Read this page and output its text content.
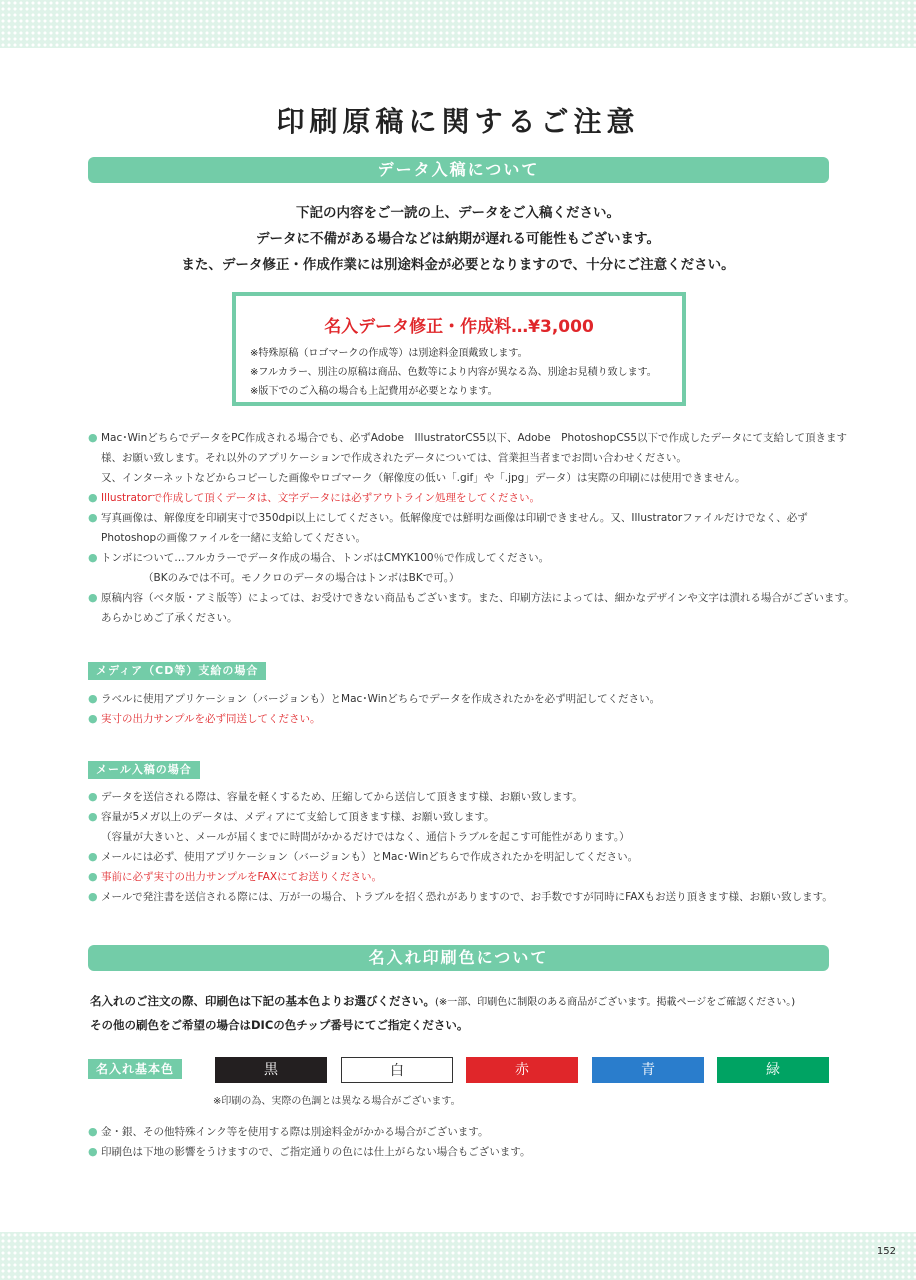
印刷原稿に関するご注意
データ入稿について

下記の内容をご一読の上、データをご入稿ください。

データに不備がある場合などは納期が遅れる可能性もございます。

また、データ修正・作成作業には別途料金が必要となりますので、十分にご注意ください。

名入データ修正・作成料…¥3,000

※特殊原稿（ロゴマークの作成等）は別途料金頂戴致します。

※フルカラー、別注の原稿は商品、色数等により内容が異なる為、別途お見積り致します。

※版下でのご入稿の場合も上記費用が必要となります。

● Mac･WinどちらでデータをPC作成される場合でも、必ずAdobe　IllustratorCS5以下、Adobe　PhotoshopCS5以下で作成したデータにて支給して頂きます
様、お願い致します。それ以外のアプリケーションで作成されたデータについては、営業担当者までお問い合わせください。
又、インターネットなどからコピーした画像やロゴマーク（解像度の低い「.gif」や「.jpg」データ）は実際の印刷には使用できません。
● Illustratorで作成して頂くデータは、文字データには必ずアウトライン処理をしてください。
● 写真画像は、解像度を印刷実寸で350dpi以上にしてください。低解像度では鮮明な画像は印刷できません。又、Illustratorファイルだけでなく、必ず
Photoshopの画像ファイルを一緒に支給してください。
● トンボについて…フルカラーでデータ作成の場合、トンボはCMYK100％で作成してください。
（BKのみでは不可。モノクロのデータの場合はトンボはBKで可。）
● 原稿内容（ベタ版・アミ版等）によっては、お受けできない商品もございます。また、印刷方法によっては、細かなデザインや文字は潰れる場合がございます。
あらかじめご了承ください。
メディア（CD等）支給の場合
● ラベルに使用アプリケーション（バージョンも）とMac･Winどちらでデータを作成されたかを必ず明記してください。
● 実寸の出力サンプルを必ず同送してください。
メール入稿の場合
● データを送信される際は、容量を軽くするため、圧縮してから送信して頂きます様、お願い致します。
● 容量が5メガ以上のデータは、メディアにて支給して頂きます様、お願い致します。
（容量が大きいと、メールが届くまでに時間がかかるだけではなく、通信トラブルを起こす可能性があります。）
● メールには必ず、使用アプリケーション（バージョンも）とMac･Winどちらで作成されたかを明記してください。
● 事前に必ず実寸の出力サンプルをFAXにてお送りください。
● メールで発注書を送信される際には、万が一の場合、トラブルを招く恐れがありますので、お手数ですが同時にFAXもお送り頂きます様、お願い致します。
名入れ印刷色について

名入れのご注文の際、印刷色は下記の基本色よりお選びください。(※一部、印刷色に制限のある商品がございます。掲載ページをご確認ください。)

その他の刷色をご希望の場合はDICの色チップ番号にてご指定ください。

名入れ基本色	黒	白	赤	青	緑
※印刷の為、実際の色調とは異なる場合がございます。
● 金・銀、その他特殊インク等を使用する際は別途料金がかかる場合がございます。
● 印刷色は下地の影響をうけますので、ご指定通りの色には仕上がらない場合もございます。
152
